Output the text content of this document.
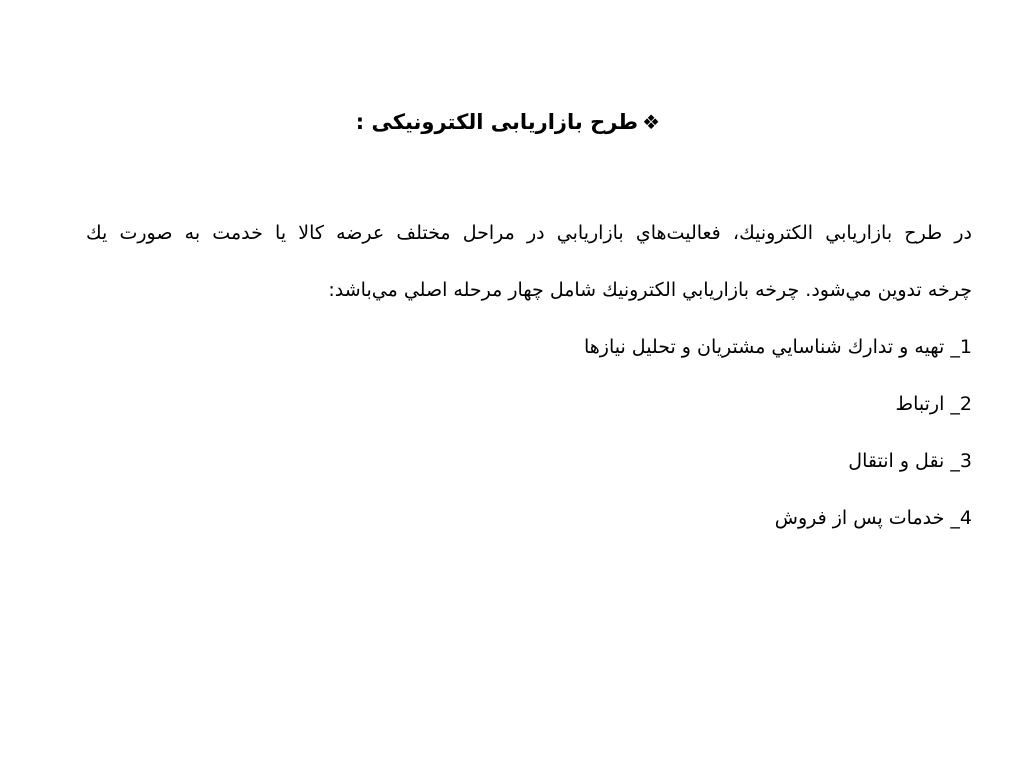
❖طرح بازاریابی الکترونیکی :
در طرح بازاريابي الكترونيك، فعاليت‌هاي بازاريابي در مراحل مختلف عرضه كالا يا خدمت به صورت يك
چرخه تدوين مي‌شود. چرخه بازاريابي الكترونيك شامل چهار مرحله اصلي مي‌باشد:
1_ تهيه و تدارك شناسايي مشتريان و تحليل نيازها
2_ ارتباط
3_ نقل و انتقال
4_ خدمات پس از فروش
